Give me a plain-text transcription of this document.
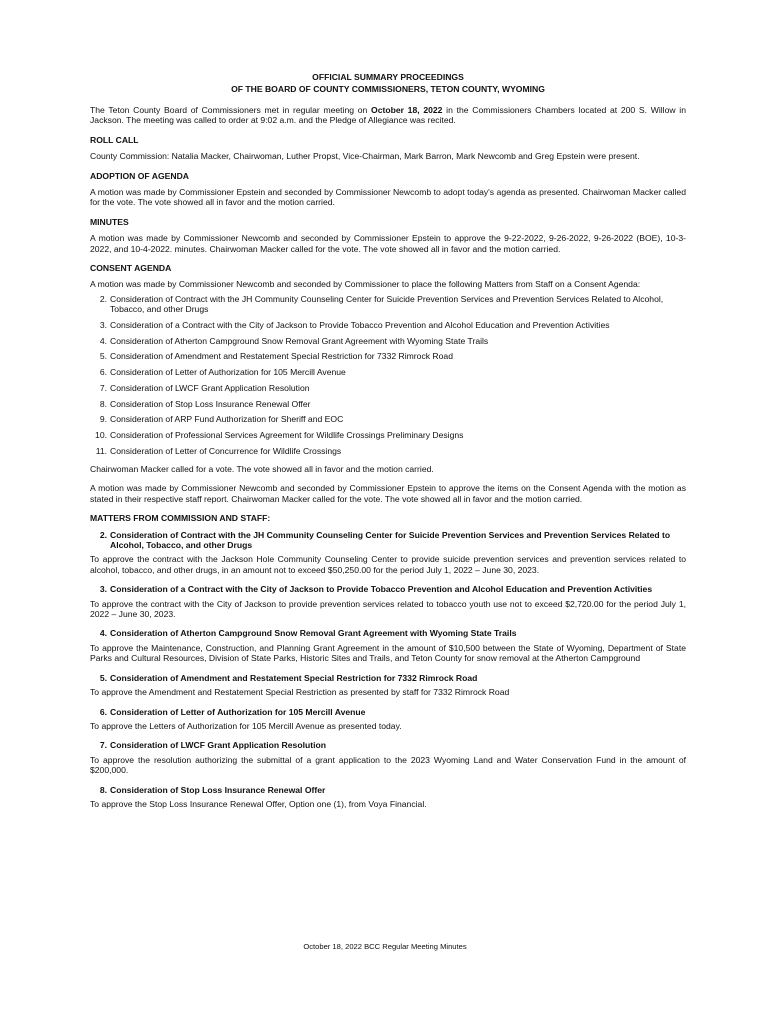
OFFICIAL SUMMARY PROCEEDINGS
OF THE BOARD OF COUNTY COMMISSIONERS, TETON COUNTY, WYOMING

The Teton County Board of Commissioners met in regular meeting on October 18, 2022 in the Commissioners Chambers located at 200 S. Willow in Jackson. The meeting was called to order at 9:02 a.m. and the Pledge of Allegiance was recited.

ROLL CALL

County Commission: Natalia Macker, Chairwoman, Luther Propst, Vice-Chairman, Mark Barron, Mark Newcomb and Greg Epstein were present.

ADOPTION OF AGENDA

A motion was made by Commissioner Epstein and seconded by Commissioner Newcomb to adopt today's agenda as presented. Chairwoman Macker called for the vote. The vote showed all in favor and the motion carried.

MINUTES

A motion was made by Commissioner Newcomb and seconded by Commissioner Epstein to approve the 9-22-2022, 9-26-2022, 9-26-2022 (BOE), 10-3-2022, and 10-4-2022. minutes. Chairwoman Macker called for the vote. The vote showed all in favor and the motion carried.

CONSENT AGENDA

A motion was made by Commissioner Newcomb and seconded by Commissioner to place the following Matters from Staff on a Consent Agenda:

2. Consideration of Contract with the JH Community Counseling Center for Suicide Prevention Services and Prevention Services Related to Alcohol, Tobacco, and other Drugs
3. Consideration of a Contract with the City of Jackson to Provide Tobacco Prevention and Alcohol Education and Prevention Activities
4. Consideration of Atherton Campground Snow Removal Grant Agreement with Wyoming State Trails
5. Consideration of Amendment and Restatement Special Restriction for 7332 Rimrock Road
6. Consideration of Letter of Authorization for 105 Mercill Avenue
7. Consideration of LWCF Grant Application Resolution
8. Consideration of Stop Loss Insurance Renewal Offer
9. Consideration of ARP Fund Authorization for Sheriff and EOC
10. Consideration of Professional Services Agreement for Wildlife Crossings Preliminary Designs
11. Consideration of Letter of Concurrence for Wildlife Crossings

Chairwoman Macker called for a vote. The vote showed all in favor and the motion carried.

A motion was made by Commissioner Newcomb and seconded by Commissioner Epstein to approve the items on the Consent Agenda with the motion as stated in their respective staff report. Chairwoman Macker called for the vote. The vote showed all in favor and the motion carried.

MATTERS FROM COMMISSION AND STAFF:
2. Consideration of Contract with the JH Community Counseling Center for Suicide Prevention Services and Prevention Services Related to Alcohol, Tobacco, and other Drugs

To approve the contract with the Jackson Hole Community Counseling Center to provide suicide prevention services and prevention services related to alcohol, tobacco, and other drugs, in an amount not to exceed $50,250.00 for the period July 1, 2022 – June 30, 2023.

3. Consideration of a Contract with the City of Jackson to Provide Tobacco Prevention and Alcohol Education and Prevention Activities

To approve the contract with the City of Jackson to provide prevention services related to tobacco youth use not to exceed $2,720.00 for the period July 1, 2022 – June 30, 2023.

4. Consideration of Atherton Campground Snow Removal Grant Agreement with Wyoming State Trails

To approve the Maintenance, Construction, and Planning Grant Agreement in the amount of $10,500 between the State of Wyoming, Department of State Parks and Cultural Resources, Division of State Parks, Historic Sites and Trails, and Teton County for snow removal at the Atherton Campground

5. Consideration of Amendment and Restatement Special Restriction for 7332 Rimrock Road

To approve the Amendment and Restatement Special Restriction as presented by staff for 7332 Rimrock Road

6. Consideration of Letter of Authorization for 105 Mercill Avenue

To approve the Letters of Authorization for 105 Mercill Avenue as presented today.

7. Consideration of LWCF Grant Application Resolution

To approve the resolution authorizing the submittal of a grant application to the 2023 Wyoming Land and Water Conservation Fund in the amount of $200,000.

8. Consideration of Stop Loss Insurance Renewal Offer

To approve the Stop Loss Insurance Renewal Offer, Option one (1), from Voya Financial.

October 18, 2022 BCC Regular Meeting Minutes
